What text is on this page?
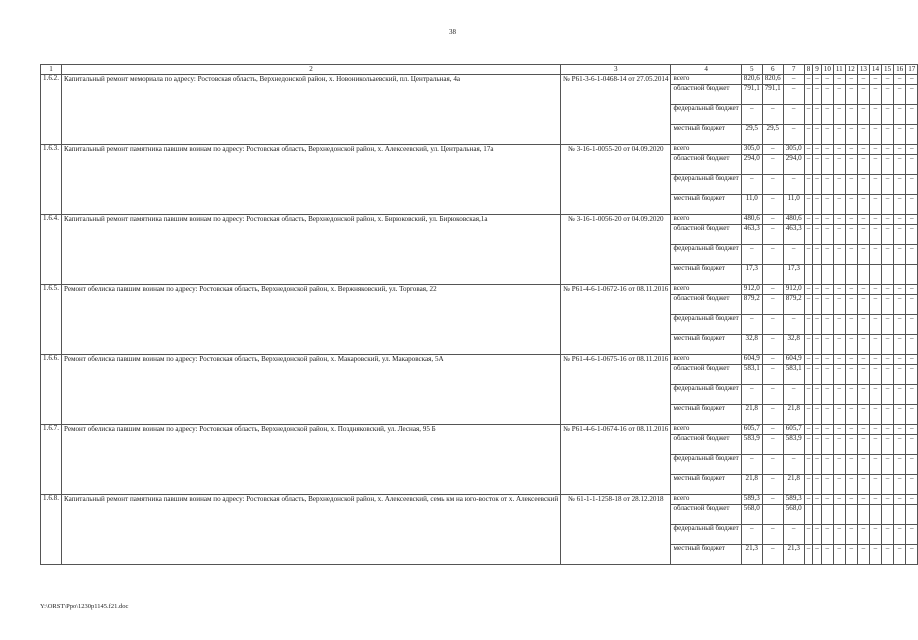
38
1	2	3	4	5	6	7	8	9	10	11	12	13	14	15	16	17
1.6.2.	Капитальный ремонт мемориала по адресу: Ростовская область, Верхнедонской район, х. Новоникольаевский, пл. Центральная, 4а	№ Р61-3-6-1-0468-14 от 27.05.2014	всего	820,6	820,6	–	–	–	–	–	–	–	–	–	–	–
			областной бюджет	791,1	791,1	–	–	–	–	–	–	–	–	–	–	–
			федеральный бюджет	–	–	–	–	–	–	–	–	–	–	–	–	–
			местный бюджет	29,5	29,5	–	–	–	–	–	–	–	–	–	–	–
1.6.3.	Капитальный ремонт памятника павшим воинам по адресу: Ростовская область, Верхнедонской район, х. Алексеевский, ул. Центральная, 17а	№ 3-16-1-0055-20 от 04.09.2020	всего	305,0	–	305,0	–	–	–	–	–	–	–	–	–	–
			областной бюджет	294,0	–	294,0	–	–	–	–	–	–	–	–	–	–
			федеральный бюджет	–	–	–	–	–	–	–	–	–	–	–	–	–
			местный бюджет	11,0	–	11,0	–	–	–	–	–	–	–	–	–	–
1.6.4.	Капитальный ремонт памятника павшим воинам по адресу: Ростовская область, Верхнедонской район, х. Бирюковский, ул. Бирюковская,1а	№ 3-16-1-0056-20 от 04.09.2020	всего	480,6	–	480,6	–	–	–	–	–	–	–	–	–	–
			областной бюджет	463,3	–	463,3	–	–	–	–	–	–	–	–	–	–
			федеральный бюджет	–	–	–	–	–	–	–	–	–	–	–	–	–
			местный бюджет	17,3		17,3										
1.6.5.	Ремонт обелиска павшим воинам по адресу: Ростовская область, Верхнедонской район, х. Вержняковский, ул. Торговая, 22	№ Р61-4-6-1-0672-16 от 08.11.2016	всего	912,0	–	912,0	–	–	–	–	–	–	–	–	–	–
			областной бюджет	879,2	–	879,2	–	–	–	–	–	–	–	–	–	–
			федеральный бюджет	–	–	–	–	–	–	–	–	–	–	–	–	–
			местный бюджет	32,8	–	32,8	–	–	–	–	–	–	–	–	–	–
1.6.6.	Ремонт обелиска павшим воинам по адресу: Ростовская область, Верхнедонской район, х. Макаровский, ул. Макаровская, 5А	№ Р61-4-6-1-0675-16 от 08.11.2016	всего	604,9	–	604,9	–	–	–	–	–	–	–	–	–	–
			областной бюджет	583,1	–	583,1	–	–	–	–	–	–	–	–	–	–
			федеральный бюджет	–	–	–	–	–	–	–	–	–	–	–	–	–
			местный бюджет	21,8	–	21,8	–	–	–	–	–	–	–	–	–	–
1.6.7.	Ремонт обелиска павшим воинам по адресу: Ростовская область, Верхнедонской район, х. Поздняковский, ул. Лесная, 95 Б	№ Р61-4-6-1-0674-16 от 08.11.2016	всего	605,7	–	605,7	–	–	–	–	–	–	–	–	–	–
			областной бюджет	583,9	–	583,9	–	–	–	–	–	–	–	–	–	–
			федеральный бюджет	–	–	–	–	–	–	–	–	–	–	–	–	–
			местный бюджет	21,8	–	21,8	–	–	–	–	–	–	–	–	–	–
1.6.8.	Капитальный ремонт памятника павшим воинам по адресу: Ростовская область, Верхнедонской район, х. Алексеевский, семь км на юго-восток от х. Алексеевский	№ 61-1-1-1258-18 от 28.12.2018	всего	589,3	–	589,3	–	–	–	–	–	–	–	–	–	–
			областной бюджет	568,0		568,0										
			федеральный бюджет	–	–	–	–	–	–	–	–	–	–	–	–	–
			местный бюджет	21,3	–	21,3	–	–	–	–	–	–	–	–	–	–
Y:\ORST\Ppo\1230p1145.f21.doc
